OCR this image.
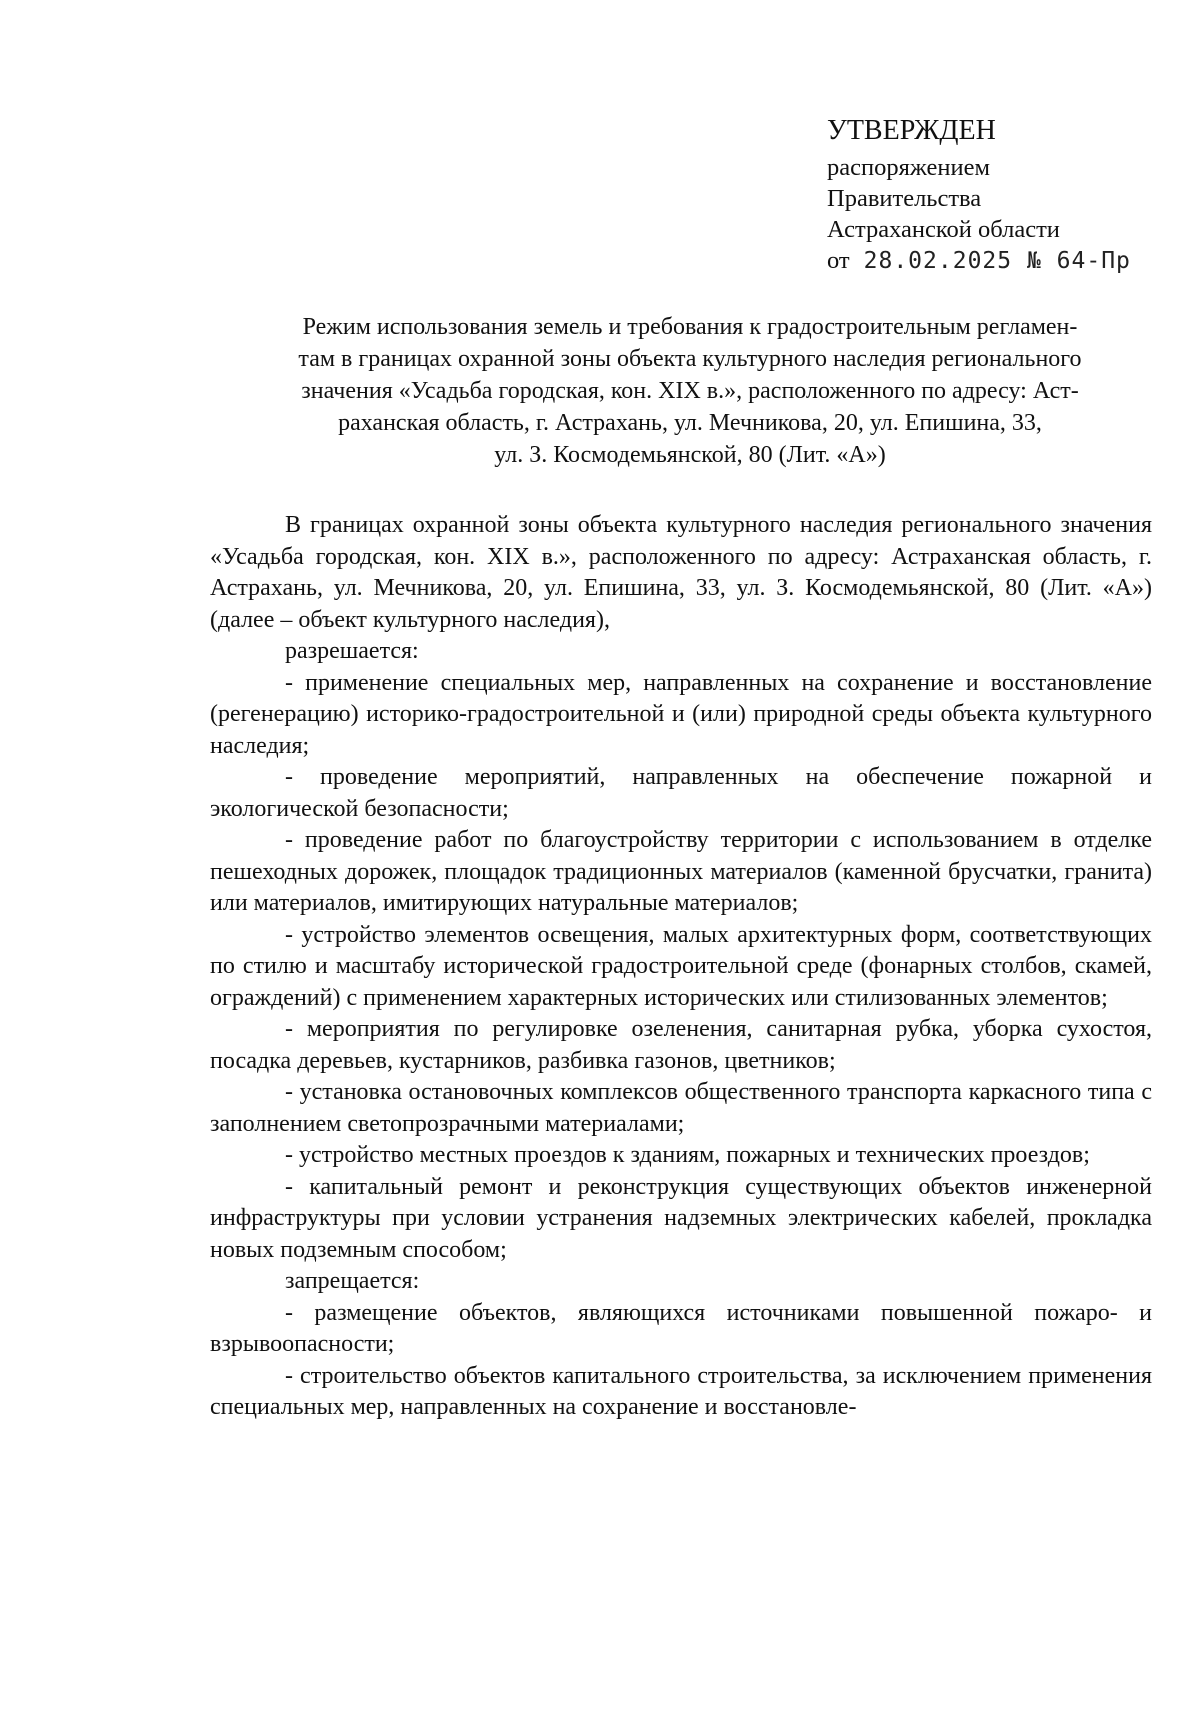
УТВЕРЖДЕН
распоряжением
Правительства
Астраханской области
от 28.02.2025 № 64-Пр
Режим использования земель и требования к градостроительным регламен-
там в границах охранной зоны объекта культурного наследия регионального
значения «Усадьба городская, кон. XIX в.», расположенного по адресу: Аст-
раханская область, г. Астрахань, ул. Мечникова, 20, ул. Епишина, 33,
ул. З. Космодемьянской, 80 (Лит. «А»)

В границах охранной зоны объекта культурного наследия регионального значения «Усадьба городская, кон. XIX в.», расположенного по адресу: Астраханская область, г. Астрахань, ул. Мечникова, 20, ул. Епишина, 33, ул. З. Космодемьянской, 80 (Лит. «А») (далее – объект культурного наследия),

разрешается:

- применение специальных мер, направленных на сохранение и восстановление (регенерацию) историко-градостроительной и (или) природной среды объекта культурного наследия;

- проведение мероприятий, направленных на обеспечение пожарной и экологической безопасности;

- проведение работ по благоустройству территории с использованием в отделке пешеходных дорожек, площадок традиционных материалов (каменной брусчатки, гранита) или материалов, имитирующих натуральные материалов;

- устройство элементов освещения, малых архитектурных форм, соответствующих по стилю и масштабу исторической градостроительной среде (фонарных столбов, скамей, ограждений) с применением характерных исторических или стилизованных элементов;

- мероприятия по регулировке озеленения, санитарная рубка, уборка сухостоя, посадка деревьев, кустарников, разбивка газонов, цветников;

- установка остановочных комплексов общественного транспорта каркасного типа с заполнением светопрозрачными материалами;

- устройство местных проездов к зданиям, пожарных и технических проездов;

- капитальный ремонт и реконструкция существующих объектов инженерной инфраструктуры при условии устранения надземных электрических кабелей, прокладка новых подземным способом;

запрещается:

- размещение объектов, являющихся источниками повышенной пожаро- и взрывоопасности;

- строительство объектов капитального строительства, за исключением применения специальных мер, направленных на сохранение и восстановле-
